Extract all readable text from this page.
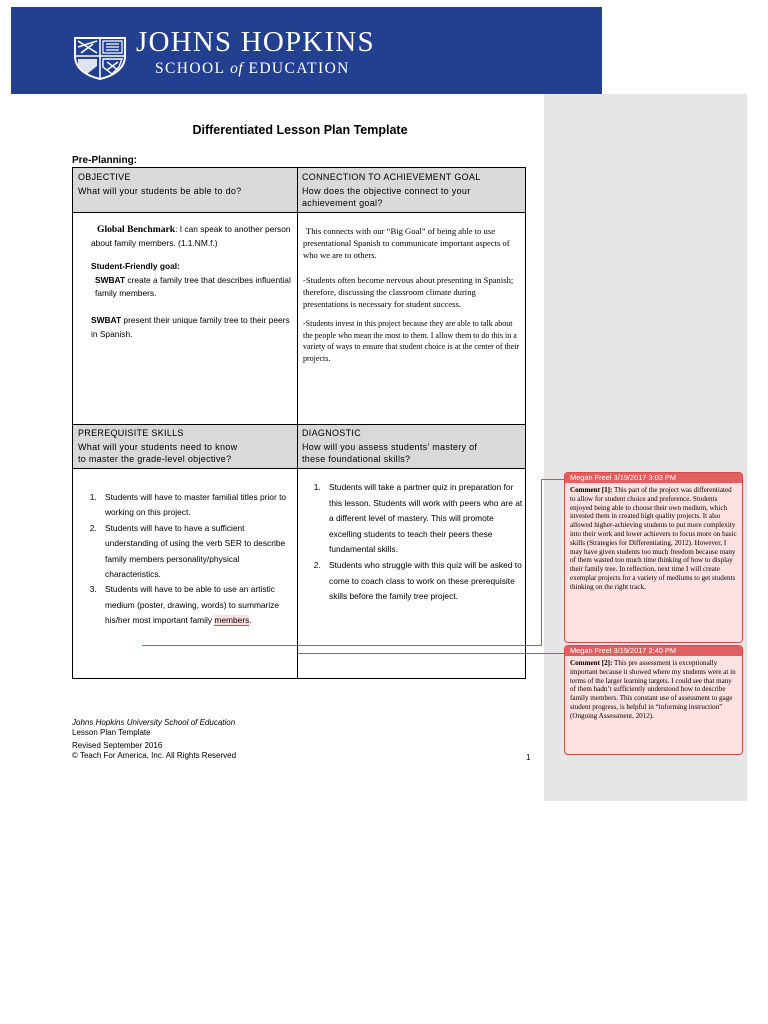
JOHNS HOPKINS
SCHOOL of EDUCATION
Differentiated Lesson Plan Template
Pre-Planning:
OBJECTIVE
What will your students be able to do?
CONNECTION TO ACHIEVEMENT GOAL
How does the objective connect to your achievement goal?

Global Benchmark: I can speak to another person about family members. (1.1.NM.f.)

Student-Friendly goal:

SWBAT create a family tree that describes influential family members.

SWBAT present their unique family tree to their peers in Spanish.

This connects with our “Big Goal” of being able to use presentational Spanish to communicate important aspects of who we are to others.

-Students often become nervous about presenting in Spanish; therefore, discussing the classroom climate during presentations is necessary for student success.

-Students invest in this project because they are able to talk about the people who mean the most to them. I allow them to do this in a variety of ways to ensure that student choice is at the center of their projects.

PREREQUISITE SKILLS
What will your students need to know
to master the grade-level objective?
DIAGNOSTIC
How will you assess students’ mastery of
these foundational skills?
1. Students will have to master familial titles prior to working on this project.
2. Students will have to have a sufficient understanding of using the verb SER to describe family members personality/physical characteristics.
3. Students will have to be able to use an artistic medium (poster, drawing, words) to summarize his/her most important family members.
1. Students will take a partner quiz in preparation for this lesson. Students will work with peers who are at a different level of mastery. This will promote excelling students to teach their peers these fundamental skills.
2. Students who struggle with this quiz will be asked to come to coach class to work on these prerequisite skills before the family tree project.
Johns Hopkins University School of Education
Lesson Plan Template
Revised September 2016
© Teach For America, Inc. All Rights Reserved	1
Megan Freel 3/19/2017 3:03 PM
Comment [1]: This part of the project was differentiated to allow for student choice and preference. Students enjoyed being able to choose their own medium, which invested them in created high quality projects. It also allowed higher-achieving students to put more complexity into their work and lower achievers to focus more on basic skills (Strategies for Differentiating, 2012). However, I may have given students too much freedom because many of them wasted too much time thinking of how to display their family tree. In reflection, next time I will create exemplar projects for a variety of mediums to get students thinking on the right track.
Megan Freel 3/19/2017 2:40 PM
Comment [2]: This pre assessment is exceptionally important because it showed where my students were at in terms of the larger learning targets. I could see that many of them hadn’t sufficiently understood how to describe family members. This constant use of assessment to gage student progress, is helpful in “informing instruction” (Ongoing Assessment, 2012).
